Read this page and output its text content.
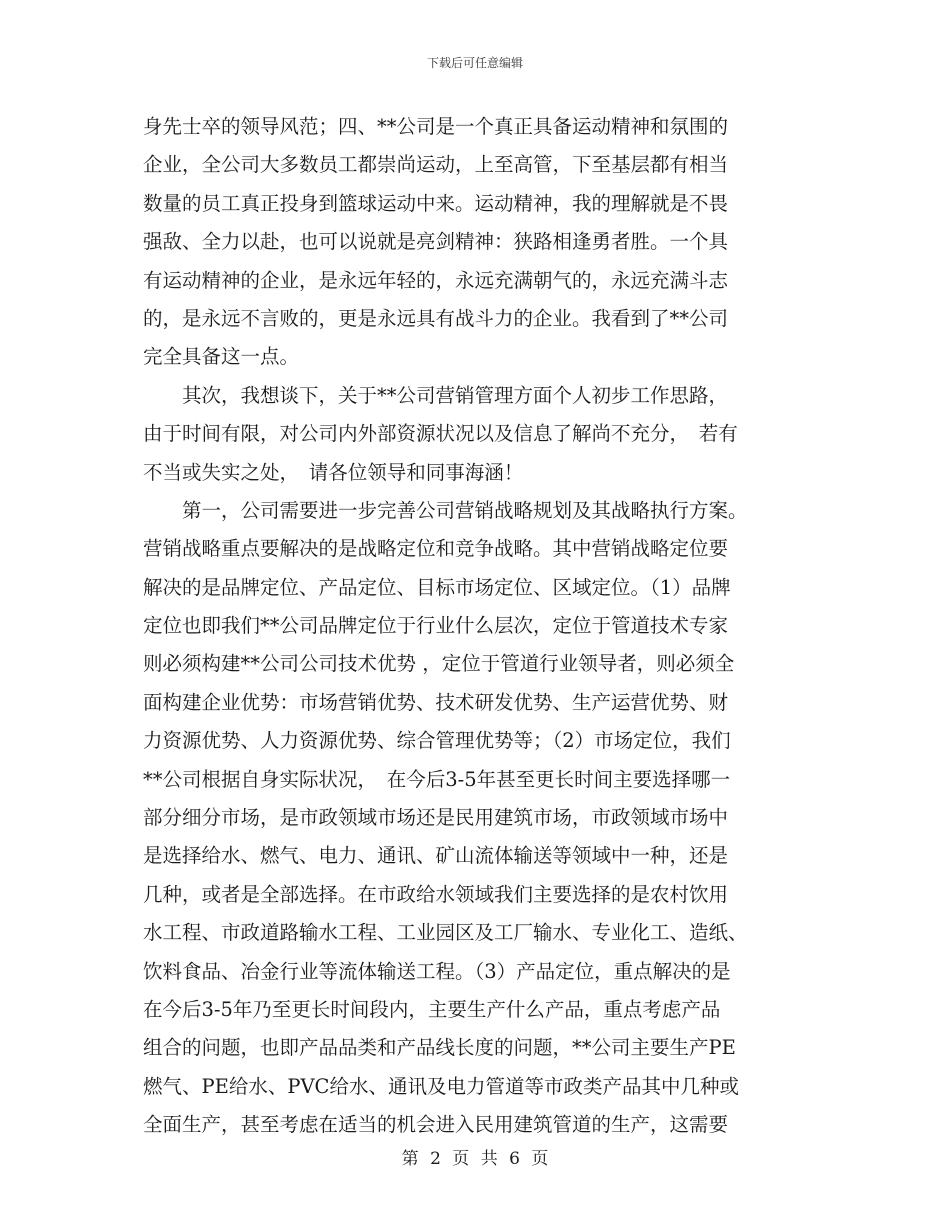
下载后可任意编辑
身先士卒的领导风范；四、**公司是一个真正具备运动精神和氛围的
企业，全公司大多数员工都崇尚运动，上至高管，下至基层都有相当
数量的员工真正投身到篮球运动中来。运动精神，我的理解就是不畏
强敌、全力以赴，也可以说就是亮剑精神：狭路相逢勇者胜。一个具
有运动精神的企业，是永远年轻的，永远充满朝气的，永远充满斗志
的，是永远不言败的，更是永远具有战斗力的企业。我看到了**公司
完全具备这一点。
　　其次，我想谈下，关于**公司营销管理方面个人初步工作思路，
由于时间有限，对公司内外部资源状况以及信息了解尚不充分，　若有
不当或失实之处，　请各位领导和同事海涵！
　　第一，公司需要进一步完善公司营销战略规划及其战略执行方案。
营销战略重点要解决的是战略定位和竞争战略。其中营销战略定位要
解决的是品牌定位、产品定位、目标市场定位、区域定位。（1）品牌
定位也即我们**公司品牌定位于行业什么层次，定位于管道技术专家
则必须构建**公司公司技术优势 ，定位于管道行业领导者，则必须全
面构建企业优势：市场营销优势、技术研发优势、生产运营优势、财
力资源优势、人力资源优势、综合管理优势等；（2）市场定位，我们
**公司根据自身实际状况，　在今后3-5年甚至更长时间主要选择哪一
部分细分市场，是市政领域市场还是民用建筑市场，市政领域市场中
是选择给水、燃气、电力、通讯、矿山流体输送等领域中一种，还是
几种，或者是全部选择。在市政给水领域我们主要选择的是农村饮用
水工程、市政道路输水工程、工业园区及工厂输水、专业化工、造纸、
饮料食品、冶金行业等流体输送工程。（3）产品定位，重点解决的是
在今后3-5年乃至更长时间段内，主要生产什么产品，重点考虑产品
组合的问题，也即产品品类和产品线长度的问题，**公司主要生产PE
燃气、PE给水、PVC给水、通讯及电力管道等市政类产品其中几种或
全面生产，甚至考虑在适当的机会进入民用建筑管道的生产，这需要
第 2 页 共 6 页
